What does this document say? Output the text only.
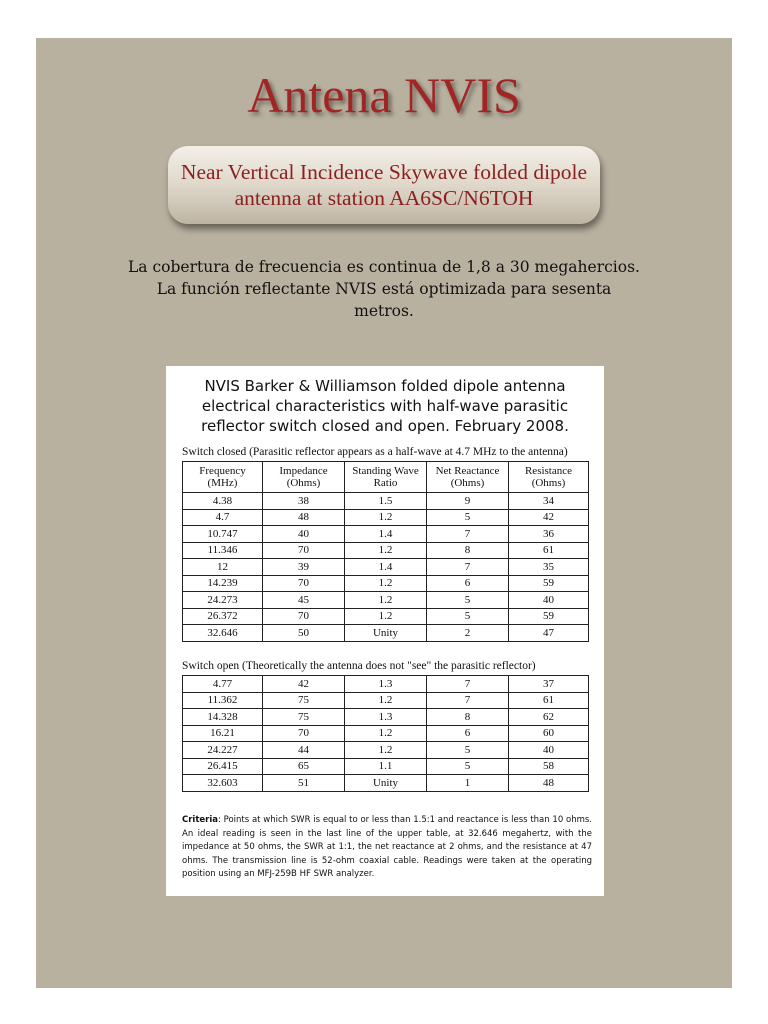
Antena NVIS
Near Vertical Incidence Skywave folded dipole antenna at station AA6SC/N6TOH

La cobertura de frecuencia es continua de 1,8 a 30 megahercios.

La función reflectante NVIS está optimizada para sesenta metros.

NVIS Barker & Williamson folded dipole antenna electrical characteristics with half-wave parasitic reflector switch closed and open. February 2008.
Switch closed (Parasitic reflector appears as a half-wave at 4.7 MHz to the antenna)
Frequency (MHz)	Impedance (Ohms)	Standing Wave Ratio	Net Reactance (Ohms)	Resistance (Ohms)
4.38	38	1.5	9	34
4.7	48	1.2	5	42
10.747	40	1.4	7	36
11.346	70	1.2	8	61
12	39	1.4	7	35
14.239	70	1.2	6	59
24.273	45	1.2	5	40
26.372	70	1.2	5	59
32.646	50	Unity	2	47
Switch open (Theoretically the antenna does not "see" the parasitic reflector)
4.77	42	1.3	7	37
11.362	75	1.2	7	61
14.328	75	1.3	8	62
16.21	70	1.2	6	60
24.227	44	1.2	5	40
26.415	65	1.1	5	58
32.603	51	Unity	1	48
Criteria: Points at which SWR is equal to or less than 1.5:1 and reactance is less than 10 ohms. An ideal reading is seen in the last line of the upper table, at 32.646 megahertz, with the impedance at 50 ohms, the SWR at 1:1, the net reactance at 2 ohms, and the resistance at 47 ohms. The transmission line is 52-ohm coaxial cable. Readings were taken at the operating position using an MFJ-259B HF SWR analyzer.
